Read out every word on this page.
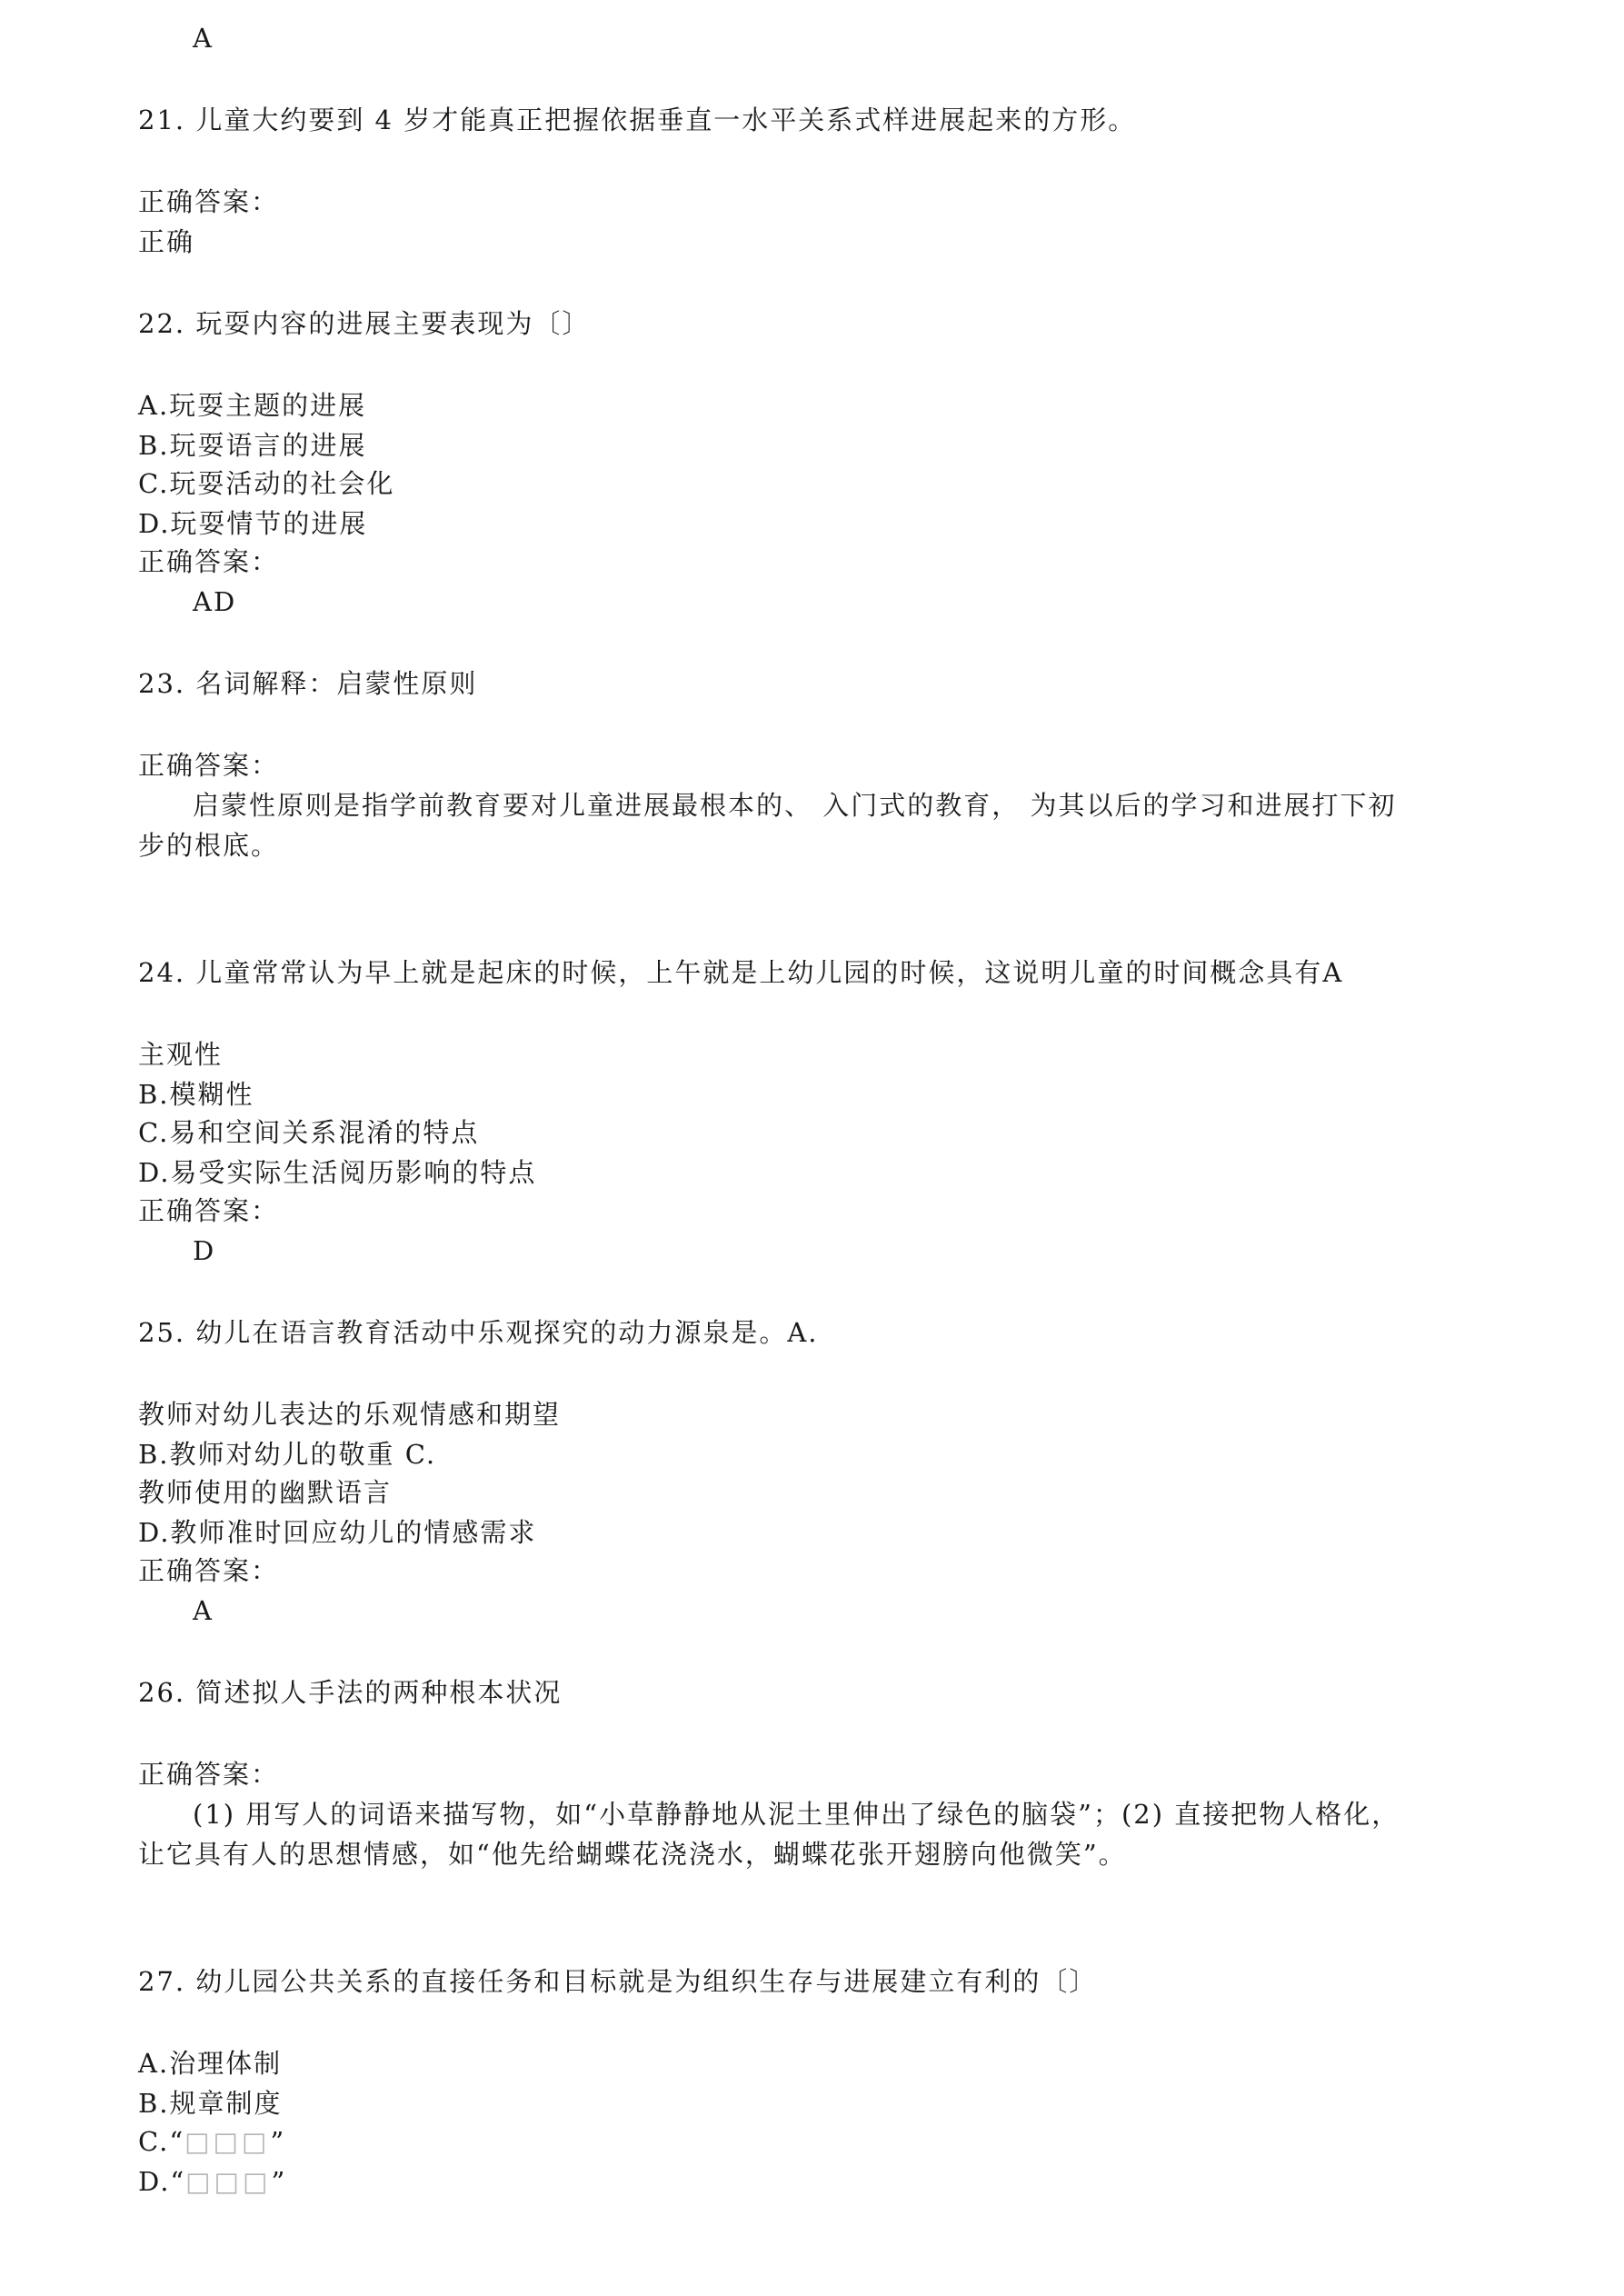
A
21. 儿童大约要到 4 岁才能真正把握依据垂直一水平关系式样进展起来的方形。
正确答案：
正确
22. 玩耍内容的进展主要表现为〔〕
A.玩耍主题的进展
B.玩耍语言的进展
C.玩耍活动的社会化
D.玩耍情节的进展
正确答案：
AD
23. 名词解释：启蒙性原则
正确答案：
启蒙性原则是指学前教育要对儿童进展最根本的、 入门式的教育， 为其以后的学习和进展打下初
步的根底。
24. 儿童常常认为早上就是起床的时候，上午就是上幼儿园的时候，这说明儿童的时间概念具有A
主观性
B.模糊性
C.易和空间关系混淆的特点
D.易受实际生活阅历影响的特点
正确答案：
D
25. 幼儿在语言教育活动中乐观探究的动力源泉是。A.
教师对幼儿表达的乐观情感和期望
B.教师对幼儿的敬重 C.
教师使用的幽默语言
D.教师准时回应幼儿的情感需求
正确答案：
A
26. 简述拟人手法的两种根本状况
正确答案：
(1) 用写人的词语来描写物，如“小草静静地从泥土里伸出了绿色的脑袋”；(2) 直接把物人格化，
让它具有人的思想情感，如“他先给蝴蝶花浇浇水，蝴蝶花张开翅膀向他微笑”。
27. 幼儿园公共关系的直接任务和目标就是为组织生存与进展建立有利的〔〕
A.治理体制
B.规章制度
C.“□□□”
D.“□□□”
